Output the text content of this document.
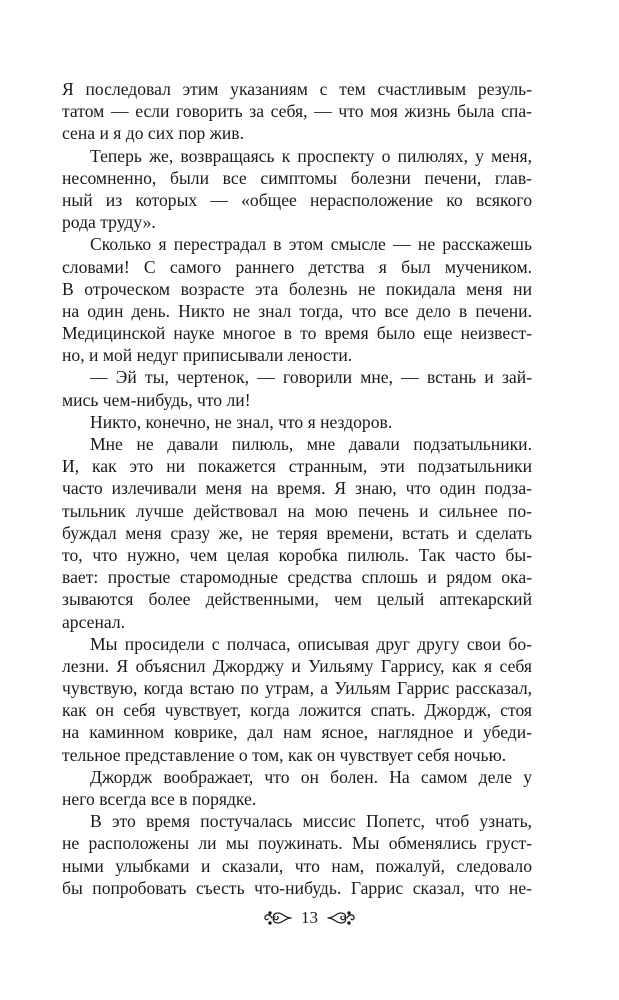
Я последовал этим указаниям с тем счастливым резуль-
татом — если говорить за себя, — что моя жизнь была спа-
сена и я до сих пор жив.
Теперь же, возвращаясь к проспекту о пилюлях, у меня,
несомненно, были все симптомы болезни печени, глав-
ный из которых — «общее нерасположение ко всякого
рода труду».
Сколько я перестрадал в этом смысле — не расскажешь
словами! С самого раннего детства я был мучеником.
В отроческом возрасте эта болезнь не покидала меня ни
на один день. Никто не знал тогда, что все дело в печени.
Медицинской науке многое в то время было еще неизвест-
но, и мой недуг приписывали лености.
— Эй ты, чертенок, — говорили мне, — встань и зай-
мись чем-нибудь, что ли!
Никто, конечно, не знал, что я нездоров.
Мне не давали пилюль, мне давали подзатыльники.
И, как это ни покажется странным, эти подзатыльники
часто излечивали меня на время. Я знаю, что один подза-
тыльник лучше действовал на мою печень и сильнее по-
буждал меня сразу же, не теряя времени, встать и сделать
то, что нужно, чем целая коробка пилюль. Так часто бы-
вает: простые старомодные средства сплошь и рядом ока-
зываются более действенными, чем целый аптекарский
арсенал.
Мы просидели с полчаса, описывая друг другу свои бо-
лезни. Я объяснил Джорджу и Уильяму Гаррису, как я себя
чувствую, когда встаю по утрам, а Уильям Гаррис рассказал,
как он себя чувствует, когда ложится спать. Джордж, стоя
на каминном коврике, дал нам ясное, наглядное и убеди-
тельное представление о том, как он чувствует себя ночью.
Джордж воображает, что он болен. На самом деле у
него всегда все в порядке.
В это время постучалась миссис Попетс, чтоб узнать,
не расположены ли мы поужинать. Мы обменялись груст-
ными улыбками и сказали, что нам, пожалуй, следовало
бы попробовать съесть что-нибудь. Гаррис сказал, что не-
13
